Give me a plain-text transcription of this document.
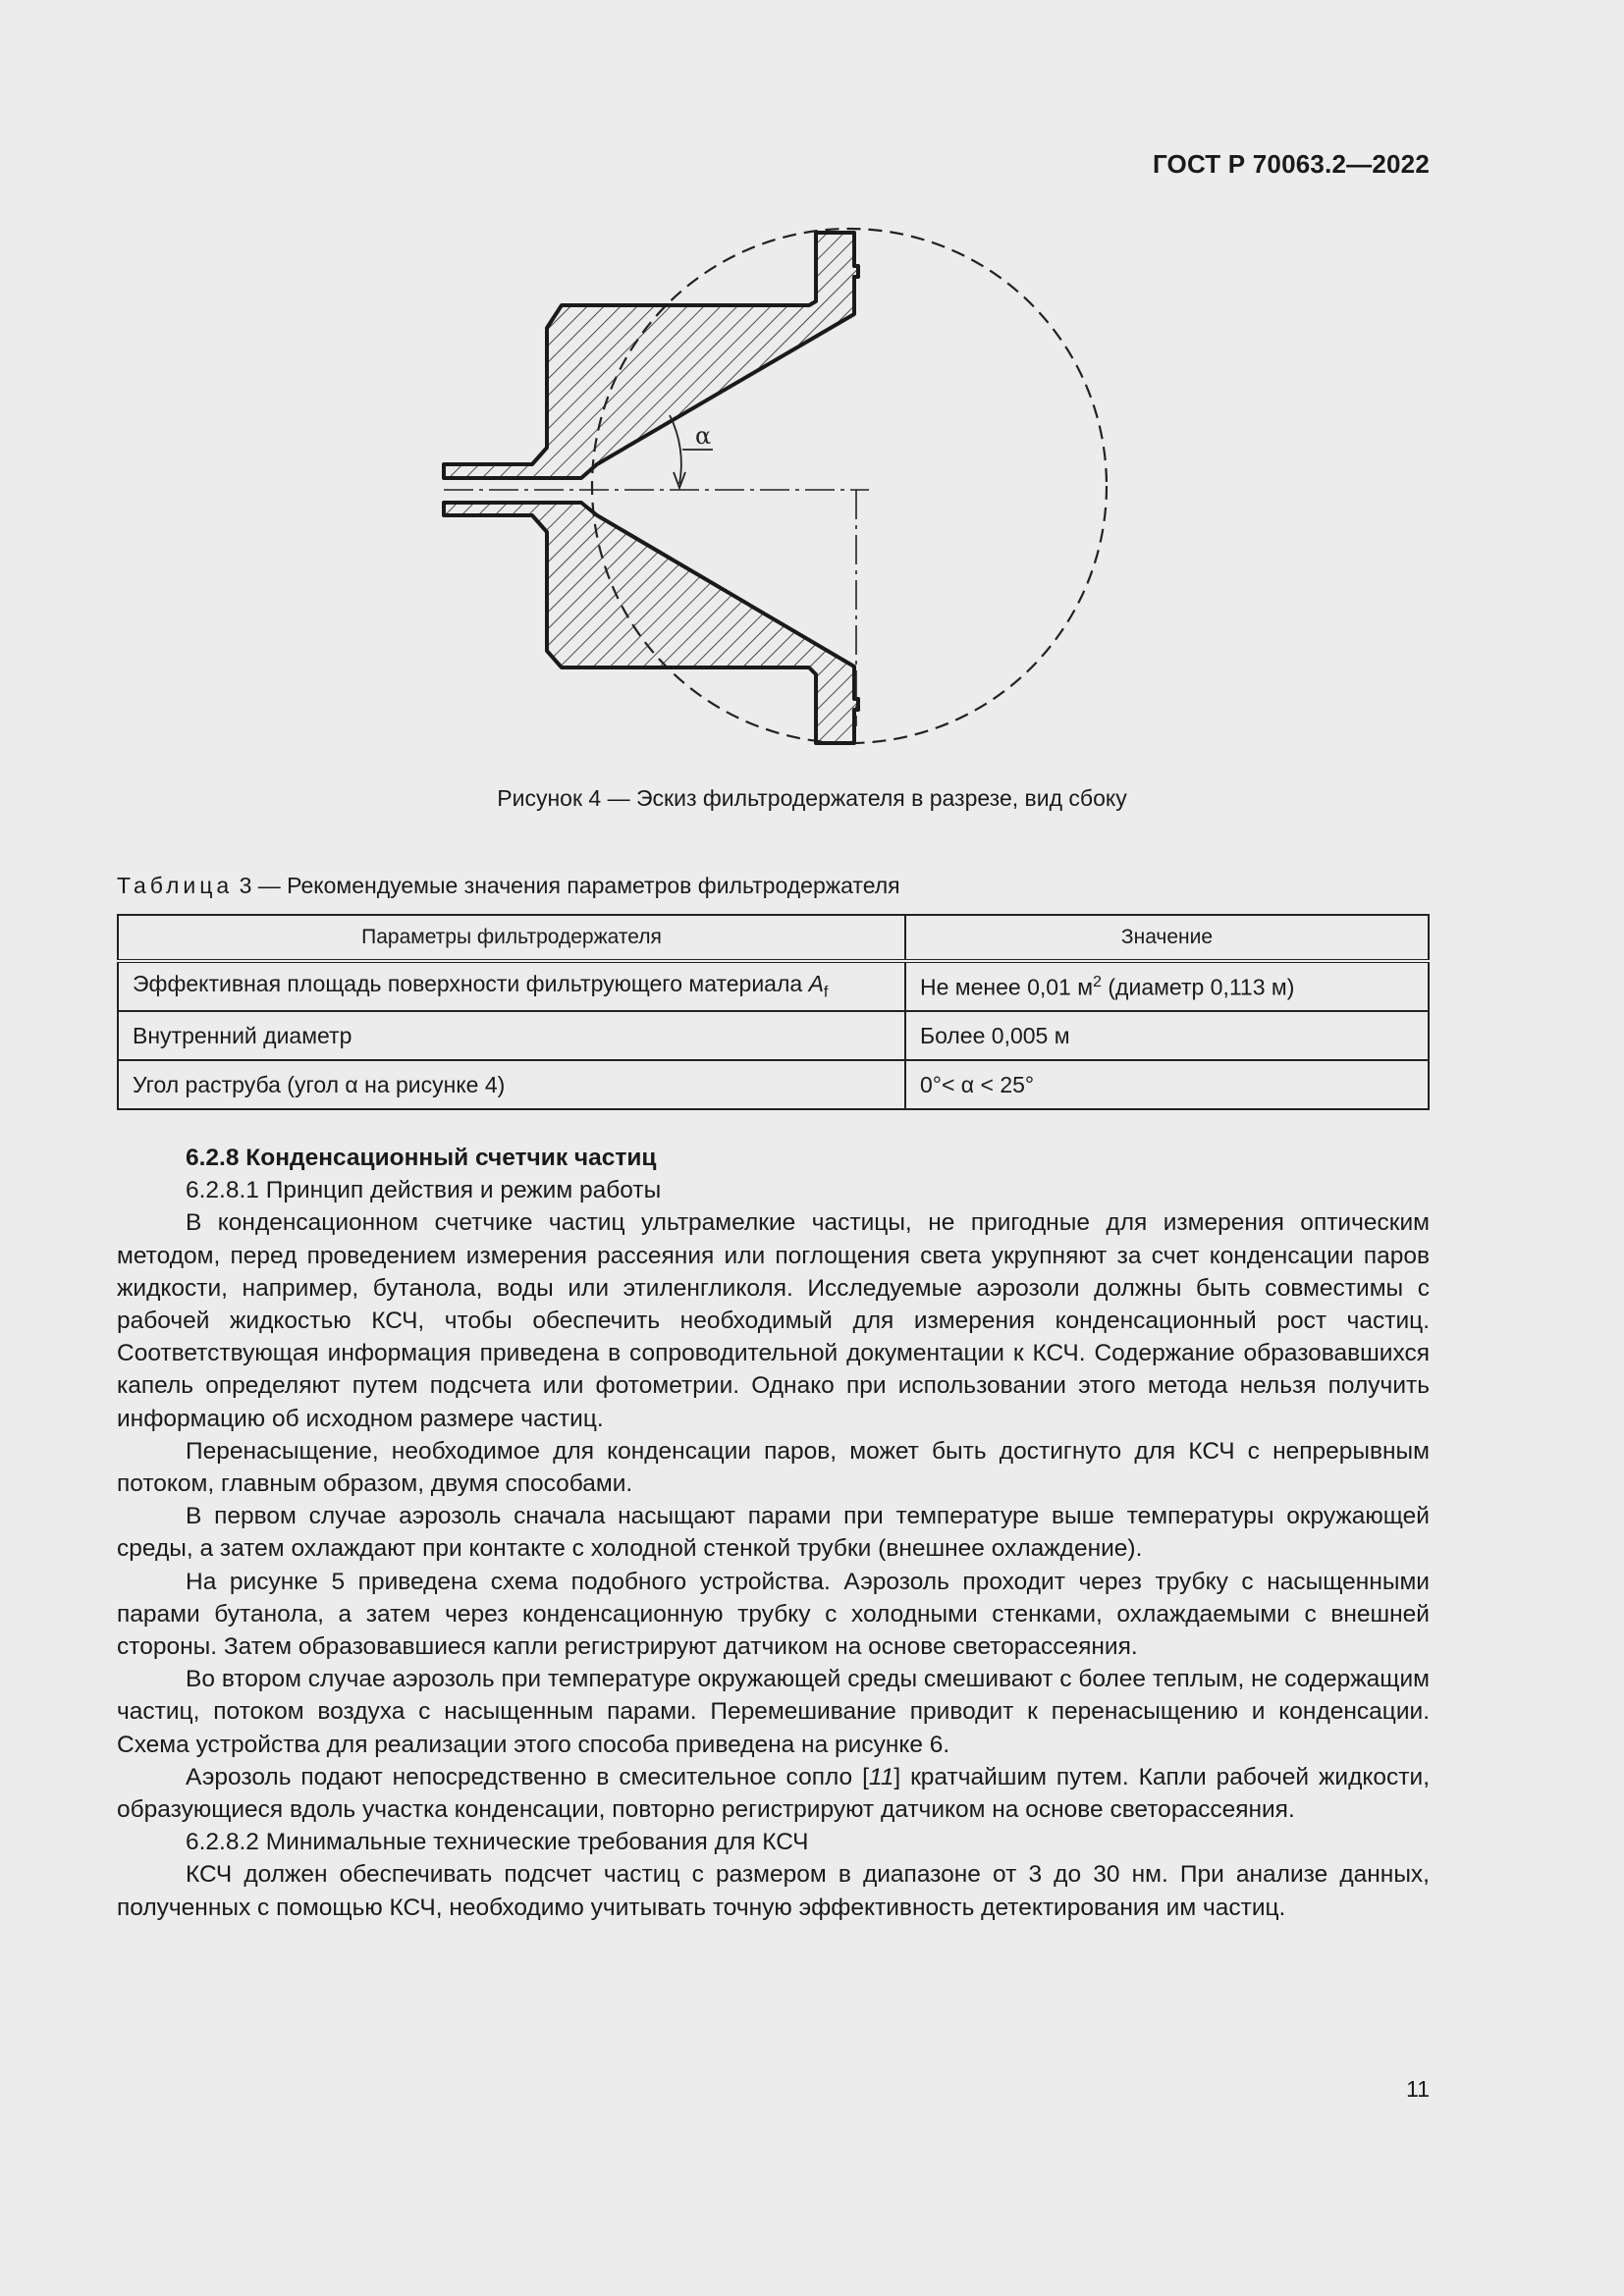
ГОСТ Р 70063.2—2022
α
Рисунок 4 — Эскиз фильтродержателя в разрезе, вид сбоку
Таблица 3 — Рекомендуемые значения параметров фильтродержателя
Параметры фильтродержателя	Значение
Эффективная площадь поверхности фильтрующего материала $A_f$	Не менее 0,01 $м^2$ (диаметр 0,113 м)
Внутренний диаметр	Более 0,005 м
Угол раструба (угол α на рисунке 4)	0°< α < 25°

6.2.8 Конденсационный счетчик частиц

6.2.8.1 Принцип действия и режим работы

В конденсационном счетчике частиц ультрамелкие частицы, не пригодные для измерения оптическим методом, перед проведением измерения рассеяния или поглощения света укрупняют за счет конденсации паров жидкости, например, бутанола, воды или этиленгликоля. Исследуемые аэрозоли должны быть совместимы с рабочей жидкостью КСЧ, чтобы обеспечить необходимый для измерения конденсационный рост частиц. Соответствующая информация приведена в сопроводительной документации к КСЧ. Содержание образовавшихся капель определяют путем подсчета или фотометрии. Однако при использовании этого метода нельзя получить информацию об исходном размере частиц.

Перенасыщение, необходимое для конденсации паров, может быть достигнуто для КСЧ с непрерывным потоком, главным образом, двумя способами.

В первом случае аэрозоль сначала насыщают парами при температуре выше температуры окружающей среды, а затем охлаждают при контакте с холодной стенкой трубки (внешнее охлаждение).

На рисунке 5 приведена схема подобного устройства. Аэрозоль проходит через трубку с насыщенными парами бутанола, а затем через конденсационную трубку с холодными стенками, охлаждаемыми с внешней стороны. Затем образовавшиеся капли регистрируют датчиком на основе светорассеяния.

Во втором случае аэрозоль при температуре окружающей среды смешивают с более теплым, не содержащим частиц, потоком воздуха с насыщенным парами. Перемешивание приводит к перенасыщению и конденсации. Схема устройства для реализации этого способа приведена на рисунке 6.

Аэрозоль подают непосредственно в смесительное сопло [11] кратчайшим путем. Капли рабочей жидкости, образующиеся вдоль участка конденсации, повторно регистрируют датчиком на основе светорассеяния.

6.2.8.2 Минимальные технические требования для КСЧ

КСЧ должен обеспечивать подсчет частиц с размером в диапазоне от 3 до 30 нм. При анализе данных, полученных с помощью КСЧ, необходимо учитывать точную эффективность детектирования им частиц.

11
